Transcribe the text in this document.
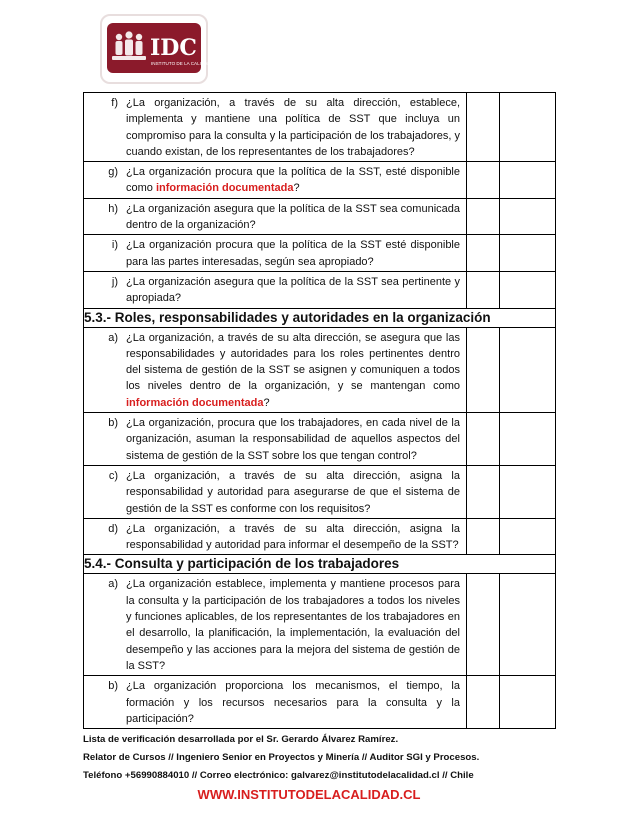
IDC
INSTITUTO DE LA CALIDAD
f) ¿La organización, a través de su alta dirección, establece, implementa y mantiene una política de SST que incluya un compromiso para la consulta y la participación de los trabajadores, y cuando existan, de los representantes de los trabajadores?		

g) ¿La organización procura que la política de la SST, esté disponible como información documentada?		

h) ¿La organización asegura que la política de la SST sea comunicada dentro de la organización?		

i) ¿La organización procura que la política de la SST esté disponible para las partes interesadas, según sea apropiado?		

j) ¿La organización asegura que la política de la SST sea pertinente y apropiada?		

5.3.- Roles, responsabilidades y autoridades en la organización		

a) ¿La organización, a través de su alta dirección, se asegura que las responsabilidades y autoridades para los roles pertinentes dentro del sistema de gestión de la SST se asignen y comuniquen a todos los niveles dentro de la organización, y se mantengan como información documentada?		

b) ¿La organización, procura que los trabajadores, en cada nivel de la organización, asuman la responsabilidad de aquellos aspectos del sistema de gestión de la SST sobre los que tengan control?		

c) ¿La organización, a través de su alta dirección, asigna la responsabilidad y autoridad para asegurarse de que el sistema de gestión de la SST es conforme con los requisitos?		

d) ¿La organización, a través de su alta dirección, asigna la responsabilidad y autoridad para informar el desempeño de la SST?		

5.4.- Consulta y participación de los trabajadores		

a) ¿La organización establece, implementa y mantiene procesos para la consulta y la participación de los trabajadores a todos los niveles y funciones aplicables, de los representantes de los trabajadores en el desarrollo, la planificación, la implementación, la evaluación del desempeño y las acciones para la mejora del sistema de gestión de la SST?		

b) ¿La organización proporciona los mecanismos, el tiempo, la formación y los recursos necesarios para la consulta y la participación?		

Lista de verificación desarrollada por el Sr. Gerardo Álvarez Ramírez.
Relator de Cursos // Ingeniero Senior en Proyectos y Minería // Auditor SGI y Procesos.
Teléfono +56990884010 // Correo electrónico: galvarez@institutodelacalidad.cl // Chile
WWW.INSTITUTODELACALIDAD.CL
